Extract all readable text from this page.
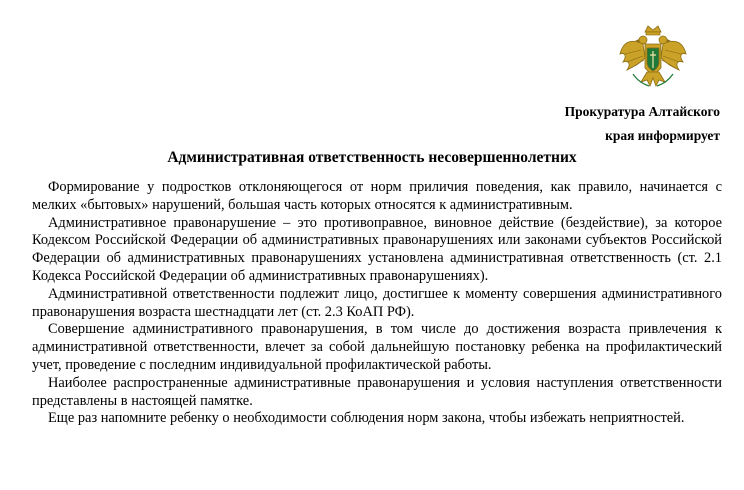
Прокуратура Алтайского
края информирует
Административная ответственность несовершеннолетних

Формирование у подростков отклоняющегося от норм приличия поведения, как правило, начинается с мелких «бытовых» нарушений, большая часть которых относятся к административным.

Административное правонарушение – это противоправное, виновное действие (бездействие), за которое Кодексом Российской Федерации об административных правонарушениях или законами субъектов Российской Федерации об административных правонарушениях установлена административная ответственность (ст. 2.1 Кодекса Российской Федерации об административных правонарушениях).

Административной ответственности подлежит лицо, достигшее к моменту совершения административного правонарушения возраста шестнадцати лет (ст. 2.3 КоАП РФ).

Совершение административного правонарушения, в том числе до достижения возраста привлечения к административной ответственности, влечет за собой дальнейшую постановку ребенка на профилактический учет, проведение с последним индивидуальной профилактической работы.

Наиболее распространенные административные правонарушения и условия наступления ответственности представлены в настоящей памятке.

Еще раз напомните ребенку о необходимости соблюдения норм закона, чтобы избежать неприятностей.
